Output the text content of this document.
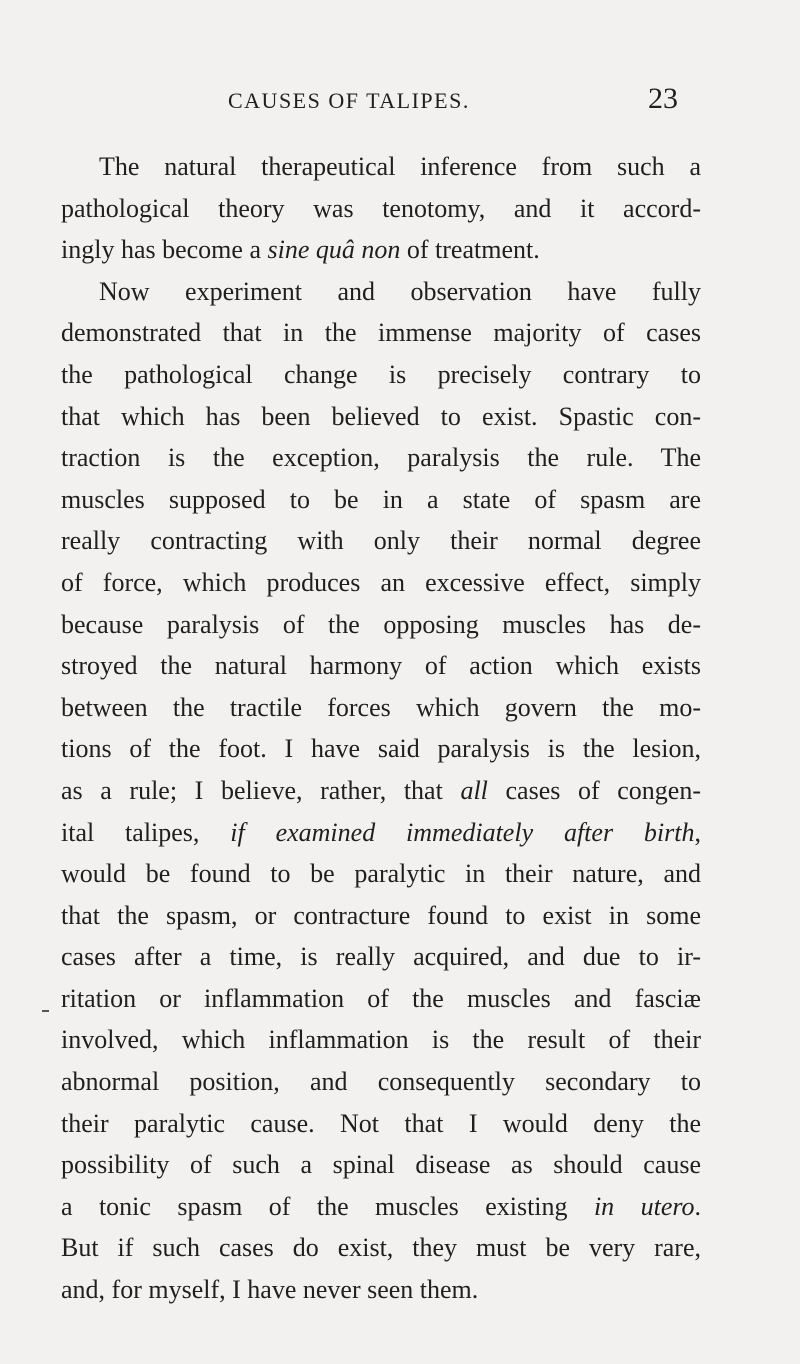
CAUSES OF TALIPES.	23
The natural therapeutical inference from such a
pathological theory was tenotomy, and it accord-
ingly has become a sine quâ non of treatment.
Now experiment and observation have fully
demonstrated that in the immense majority of cases
the pathological change is precisely contrary to
that which has been believed to exist. Spastic con-
traction is the exception, paralysis the rule. The
muscles supposed to be in a state of spasm are
really contracting with only their normal degree
of force, which produces an excessive effect, simply
because paralysis of the opposing muscles has de-
stroyed the natural harmony of action which exists
between the tractile forces which govern the mo-
tions of the foot. I have said paralysis is the lesion,
as a rule; I believe, rather, that all cases of congen-
ital talipes, if examined immediately after birth,
would be found to be paralytic in their nature, and
that the spasm, or contracture found to exist in some
cases after a time, is really acquired, and due to ir-
ritation or inflammation of the muscles and fasciæ
involved, which inflammation is the result of their
abnormal position, and consequently secondary to
their paralytic cause. Not that I would deny the
possibility of such a spinal disease as should cause
a tonic spasm of the muscles existing in utero.
But if such cases do exist, they must be very rare,
and, for myself, I have never seen them.
